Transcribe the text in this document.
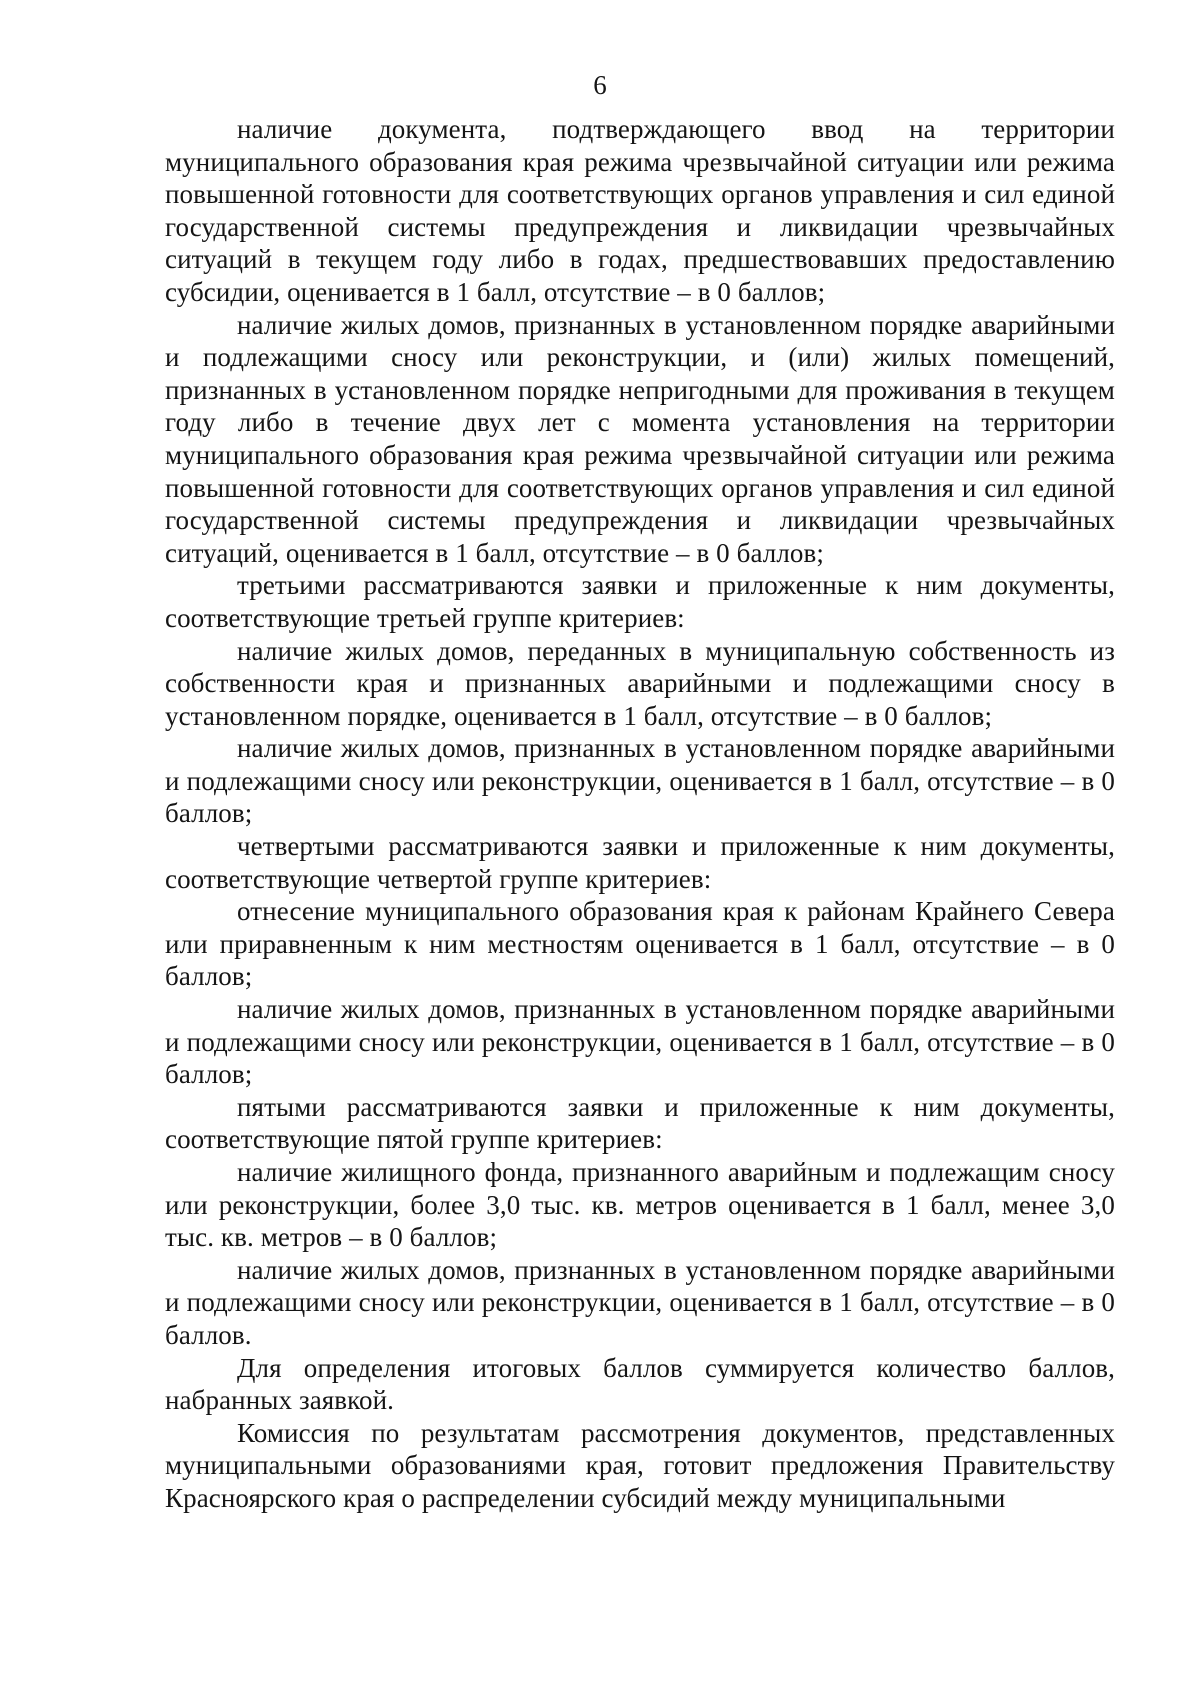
6

наличие документа, подтверждающего ввод на территории муниципального образования края режима чрезвычайной ситуации или режима повышенной готовности для соответствующих органов управления и сил единой государственной системы предупреждения и ликвидации чрезвычайных ситуаций в текущем году либо в годах, предшествовавших предоставлению субсидии, оценивается в 1 балл, отсутствие – в 0 баллов;

наличие жилых домов, признанных в установленном порядке аварийными и подлежащими сносу или реконструкции, и (или) жилых помещений, признанных в установленном порядке непригодными для проживания в текущем году либо в течение двух лет с момента установления на территории муниципального образования края режима чрезвычайной ситуации или режима повышенной готовности для соответствующих органов управления и сил единой государственной системы предупреждения и ликвидации чрезвычайных ситуаций, оценивается в 1 балл, отсутствие – в 0 баллов;

третьими рассматриваются заявки и приложенные к ним документы, соответствующие третьей группе критериев:

наличие жилых домов, переданных в муниципальную собственность из собственности края и признанных аварийными и подлежащими сносу в установленном порядке, оценивается в 1 балл, отсутствие – в 0 баллов;

наличие жилых домов, признанных в установленном порядке аварийными и подлежащими сносу или реконструкции, оценивается в 1 балл, отсутствие – в 0 баллов;

четвертыми рассматриваются заявки и приложенные к ним документы, соответствующие четвертой группе критериев:

отнесение муниципального образования края к районам Крайнего Севера или приравненным к ним местностям оценивается в 1 балл, отсутствие – в 0 баллов;

наличие жилых домов, признанных в установленном порядке аварийными и подлежащими сносу или реконструкции, оценивается в 1 балл, отсутствие – в 0 баллов;

пятыми рассматриваются заявки и приложенные к ним документы, соответствующие пятой группе критериев:

наличие жилищного фонда, признанного аварийным и подлежащим сносу или реконструкции, более 3,0 тыс. кв. метров оценивается в 1 балл, менее 3,0 тыс. кв. метров – в 0 баллов;

наличие жилых домов, признанных в установленном порядке аварийными и подлежащими сносу или реконструкции, оценивается в 1 балл, отсутствие – в 0 баллов.

Для определения итоговых баллов суммируется количество баллов, набранных заявкой.

Комиссия по результатам рассмотрения документов, представленных муниципальными образованиями края, готовит предложения Правительству Красноярского края о распределении субсидий между муниципальными
